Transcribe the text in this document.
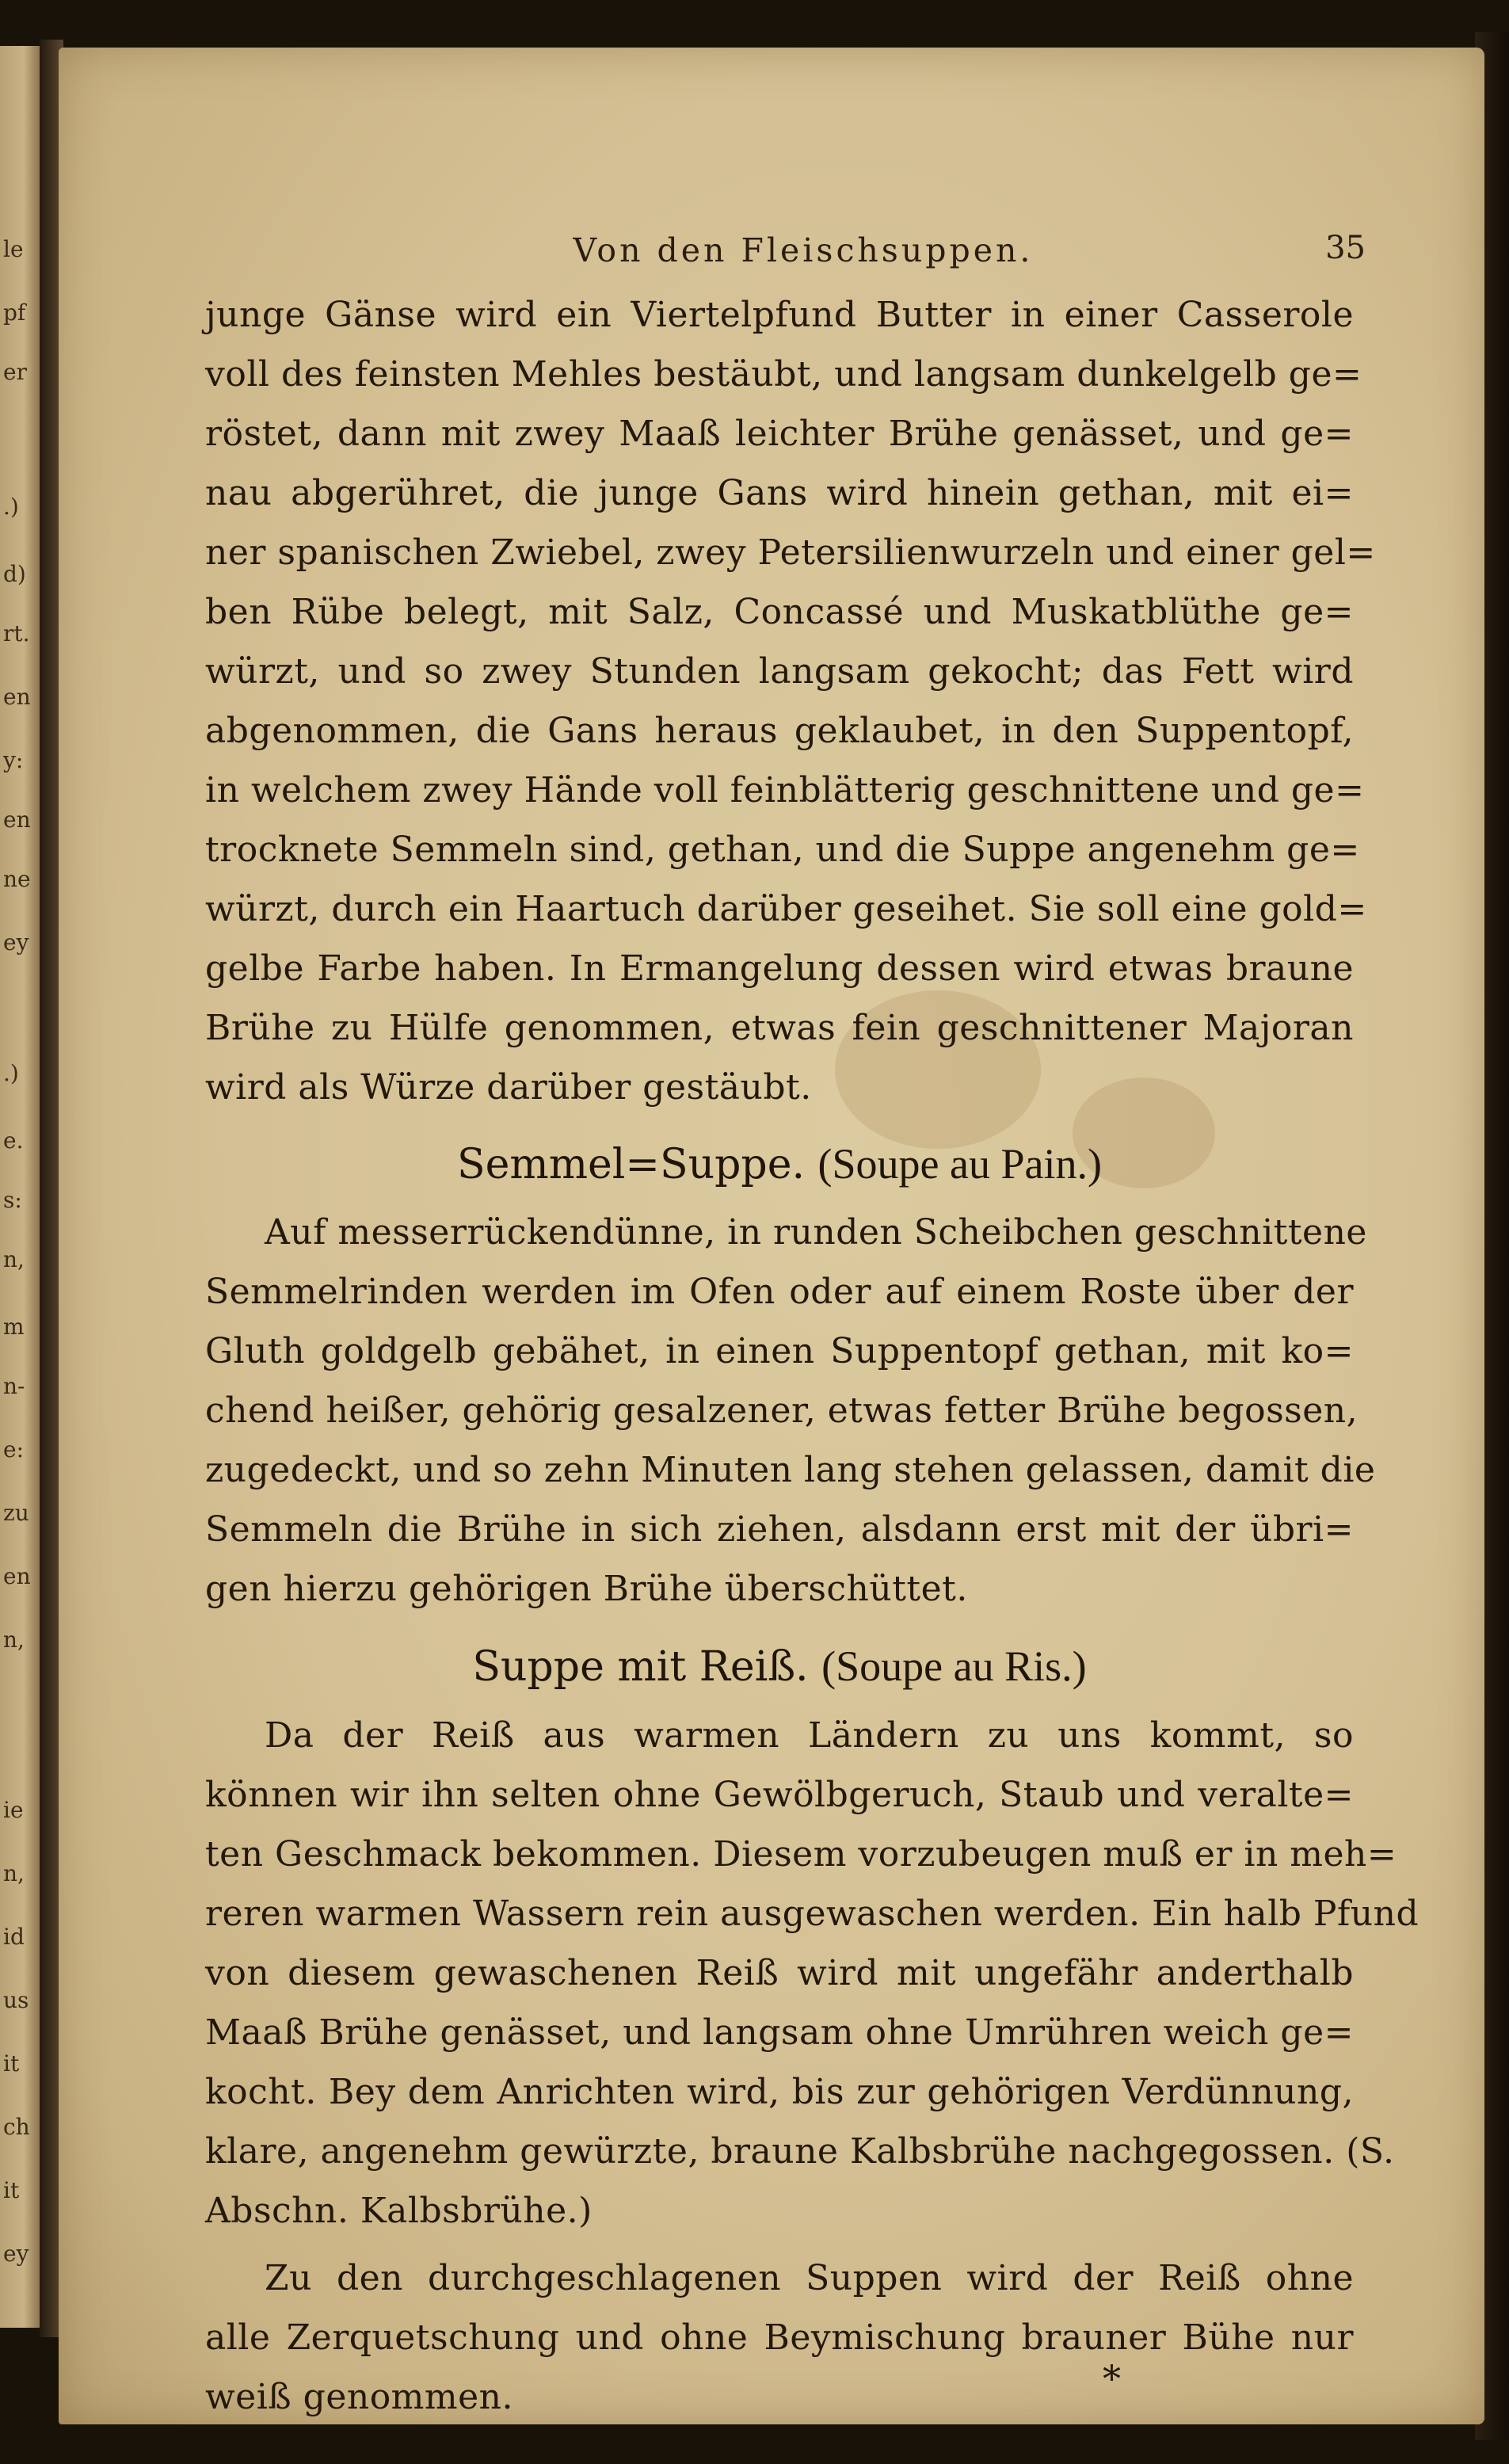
le
pf
er
.)
d)
rt.
en
y:
en
ne
ey
.)
e.
s:
n,
m
n-
e:
zu
en
n,
ie
n,
id
us
it
ch
it
ey
Von den Fleischsuppen.	35
junge Gänse wird ein Viertelpfund Butter in einer Casserole
voll des feinsten Mehles bestäubt, und langsam dunkelgelb ge=
röstet, dann mit zwey Maaß leichter Brühe genässet, und ge=
nau abgerühret, die junge Gans wird hinein gethan, mit ei=
ner spanischen Zwiebel, zwey Petersilienwurzeln und einer gel=
ben Rübe belegt, mit Salz, Concassé und Muskatblüthe ge=
würzt, und so zwey Stunden langsam gekocht; das Fett wird
abgenommen, die Gans heraus geklaubet, in den Suppentopf,
in welchem zwey Hände voll feinblätterig geschnittene und ge=
trocknete Semmeln sind, gethan, und die Suppe angenehm ge=
würzt, durch ein Haartuch darüber geseihet. Sie soll eine gold=
gelbe Farbe haben. In Ermangelung dessen wird etwas braune
Brühe zu Hülfe genommen, etwas fein geschnittener Majoran
wird als Würze darüber gestäubt.
Semmel=Suppe. (Soupe au Pain.)
Auf messerrückendünne, in runden Scheibchen geschnittene
Semmelrinden werden im Ofen oder auf einem Roste über der
Gluth goldgelb gebähet, in einen Suppentopf gethan, mit ko=
chend heißer, gehörig gesalzener, etwas fetter Brühe begossen,
zugedeckt, und so zehn Minuten lang stehen gelassen, damit die
Semmeln die Brühe in sich ziehen, alsdann erst mit der übri=
gen hierzu gehörigen Brühe überschüttet.
Suppe mit Reiß. (Soupe au Ris.)
Da der Reiß aus warmen Ländern zu uns kommt, so
können wir ihn selten ohne Gewölbgeruch, Staub und veralte=
ten Geschmack bekommen. Diesem vorzubeugen muß er in meh=
reren warmen Wassern rein ausgewaschen werden. Ein halb Pfund
von diesem gewaschenen Reiß wird mit ungefähr anderthalb
Maaß Brühe genässet, und langsam ohne Umrühren weich ge=
kocht. Bey dem Anrichten wird, bis zur gehörigen Verdünnung,
klare, angenehm gewürzte, braune Kalbsbrühe nachgegossen. (S.
Abschn. Kalbsbrühe.)
Zu den durchgeschlagenen Suppen wird der Reiß ohne
alle Zerquetschung und ohne Beymischung brauner Bühe nur
weiß genommen.	*
